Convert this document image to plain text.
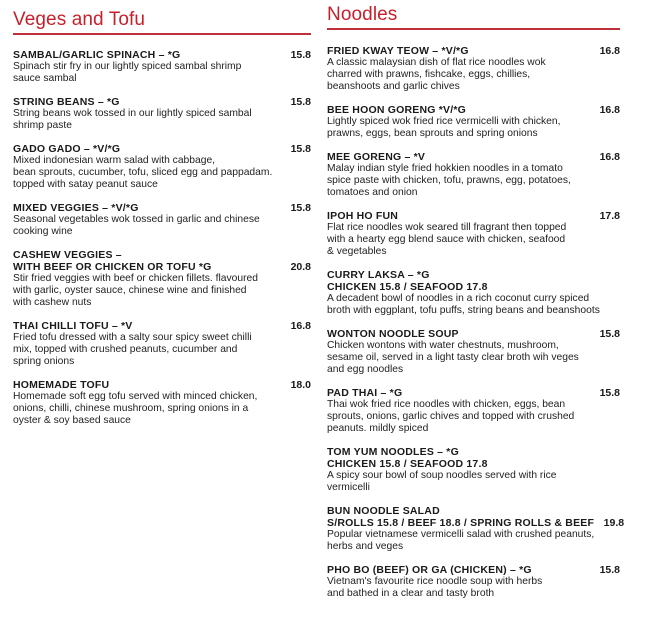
Veges and Tofu
SAMBAL/GARLIC SPINACH – *G	15.8
Spinach stir fry in our lightly spiced sambal shrimp
sauce sambal
STRING BEANS – *G	15.8
String beans wok tossed in our lightly spiced sambal
shrimp paste
GADO GADO – *V/*G	15.8
Mixed indonesian warm salad with cabbage,
bean sprouts, cucumber, tofu, sliced egg and pappadam.
topped with satay peanut sauce
MIXED VEGGIES – *V/*G	15.8
Seasonal vegetables wok tossed in garlic and chinese
cooking wine
CASHEW VEGGIES –
WITH BEEF OR CHICKEN OR TOFU *G	20.8
Stir fried veggies with beef or chicken fillets. flavoured
with garlic, oyster sauce, chinese wine and finished
with cashew nuts
THAI CHILLI TOFU – *V	16.8
Fried tofu dressed with a salty sour spicy sweet chilli
mix, topped with crushed peanuts, cucumber and
spring onions
HOMEMADE TOFU	18.0
Homemade soft egg tofu served with minced chicken,
onions, chilli, chinese mushroom, spring onions in a
oyster & soy based sauce
Noodles
FRIED KWAY TEOW – *V/*G	16.8
A classic malaysian dish of flat rice noodles wok
charred with prawns, fishcake, eggs, chillies,
beanshoots and garlic chives
BEE HOON GORENG *V/*G	16.8
Lightly spiced wok fried rice vermicelli with chicken,
prawns, eggs, bean sprouts and spring onions
MEE GORENG – *V	16.8
Malay indian style fried hokkien noodles in a tomato
spice paste with chicken, tofu, prawns, egg, potatoes,
tomatoes and onion
IPOH HO FUN	17.8
Flat rice noodles wok seared till fragrant then topped
with a hearty egg blend sauce with chicken, seafood
& vegetables
CURRY LAKSA – *G
CHICKEN 15.8 / SEAFOOD 17.8
A decadent bowl of noodles in a rich coconut curry spiced
broth with eggplant, tofu puffs, string beans and beanshoots
WONTON NOODLE SOUP	15.8
Chicken wontons with water chestnuts, mushroom,
sesame oil, served in a light tasty clear broth wih veges
and egg noodles
PAD THAI – *G	15.8
Thai wok fried rice noodles with chicken, eggs, bean
sprouts, onions, garlic chives and topped with crushed
peanuts. mildly spiced
TOM YUM NOODLES – *G
CHICKEN 15.8 / SEAFOOD 17.8
A spicy sour bowl of soup noodles served with rice
vermicelli
BUN NOODLE SALAD
S/ROLLS 15.8 / BEEF 18.8 / SPRING ROLLS & BEEF 19.8
Popular vietnamese vermicelli salad with crushed peanuts,
herbs and veges
PHO BO (BEEF) OR GA (CHICKEN) – *G	15.8
Vietnam's favourite rice noodle soup with herbs
and bathed in a clear and tasty broth
